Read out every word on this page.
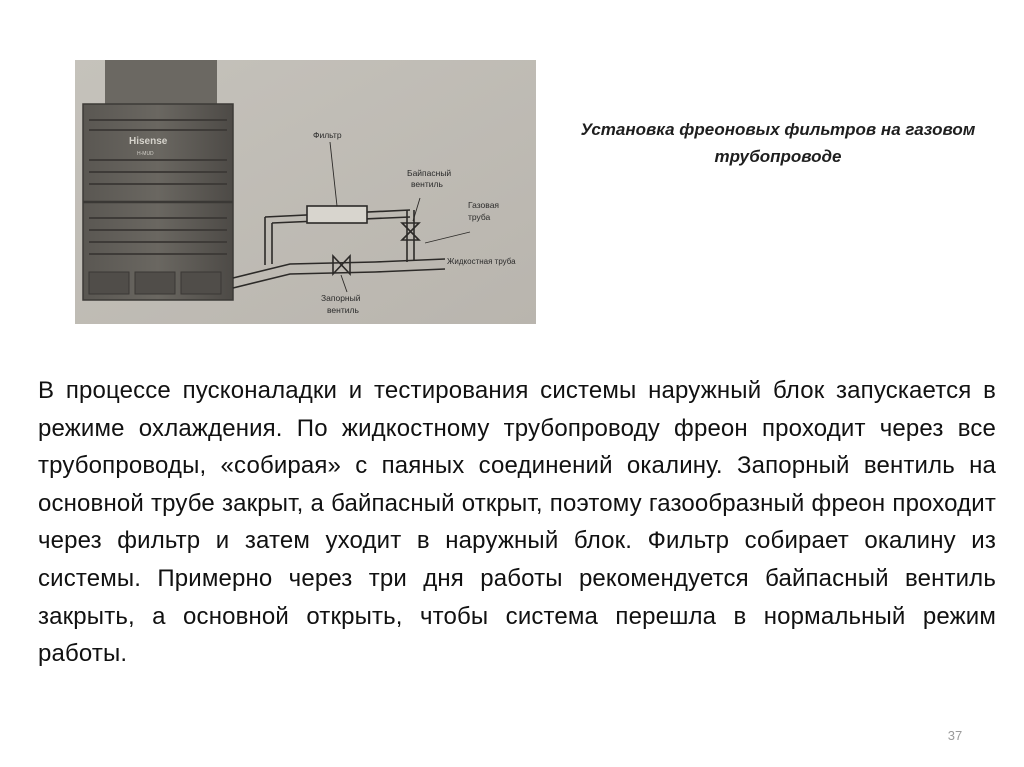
Hisense
H-MUD
Фильтр
Байпасный
вентиль
Газовая
труба
Жидкостная труба
Запорный
вентиль
Установка фреоновых фильтров на газовом трубопроводе
В процессе пусконаладки и тестирования системы наружный блок запускается в режиме охлаждения. По жидкостному трубопроводу фреон проходит через все трубопроводы, «собирая» с паяных соединений окалину. Запорный вентиль на основной трубе закрыт, а байпасный открыт, поэтому газообразный фреон проходит через фильтр и затем уходит в наружный блок. Фильтр собирает окалину из системы. Примерно через три дня работы рекомендуется байпасный вентиль закрыть, а основной открыть, чтобы система перешла в нормальный режим работы.
37
